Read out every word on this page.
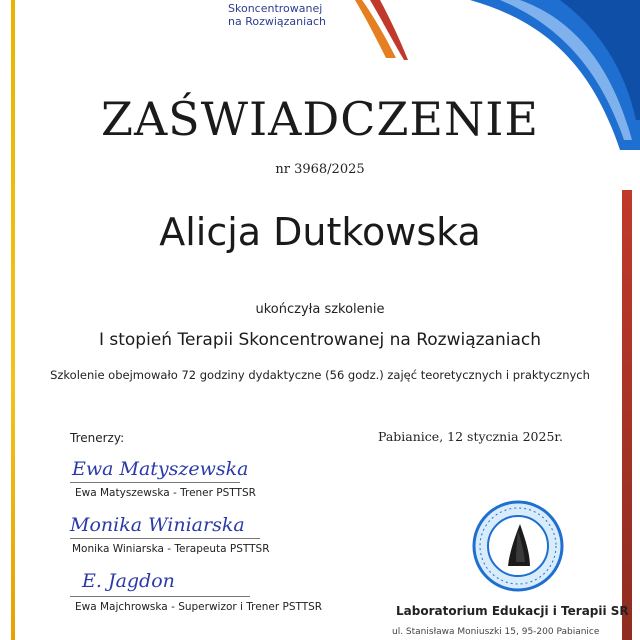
Skoncentrowanej
na Rozwiązaniach
ZAŚWIADCZENIE
nr 3968/2025
Alicja Dutkowska
ukończyła szkolenie
I stopień Terapii Skoncentrowanej na Rozwiązaniach
Szkolenie obejmowało 72 godziny dydaktyczne (56 godz.) zajęć teoretycznych i praktycznych
Trenerzy:	Pabianice, 12 stycznia 2025r.
Ewa Matyszewska
Ewa Matyszewska - Trener PSTTSR
Monika Winiarska
Monika Winiarska - Terapeuta PSTTSR
E. Jagdon
Ewa Majchrowska - Superwizor i Trener PSTTSR	Laboratorium Edukacji i Terapii SR
ul. Stanisława Moniuszki 15, 95-200 Pabianice
